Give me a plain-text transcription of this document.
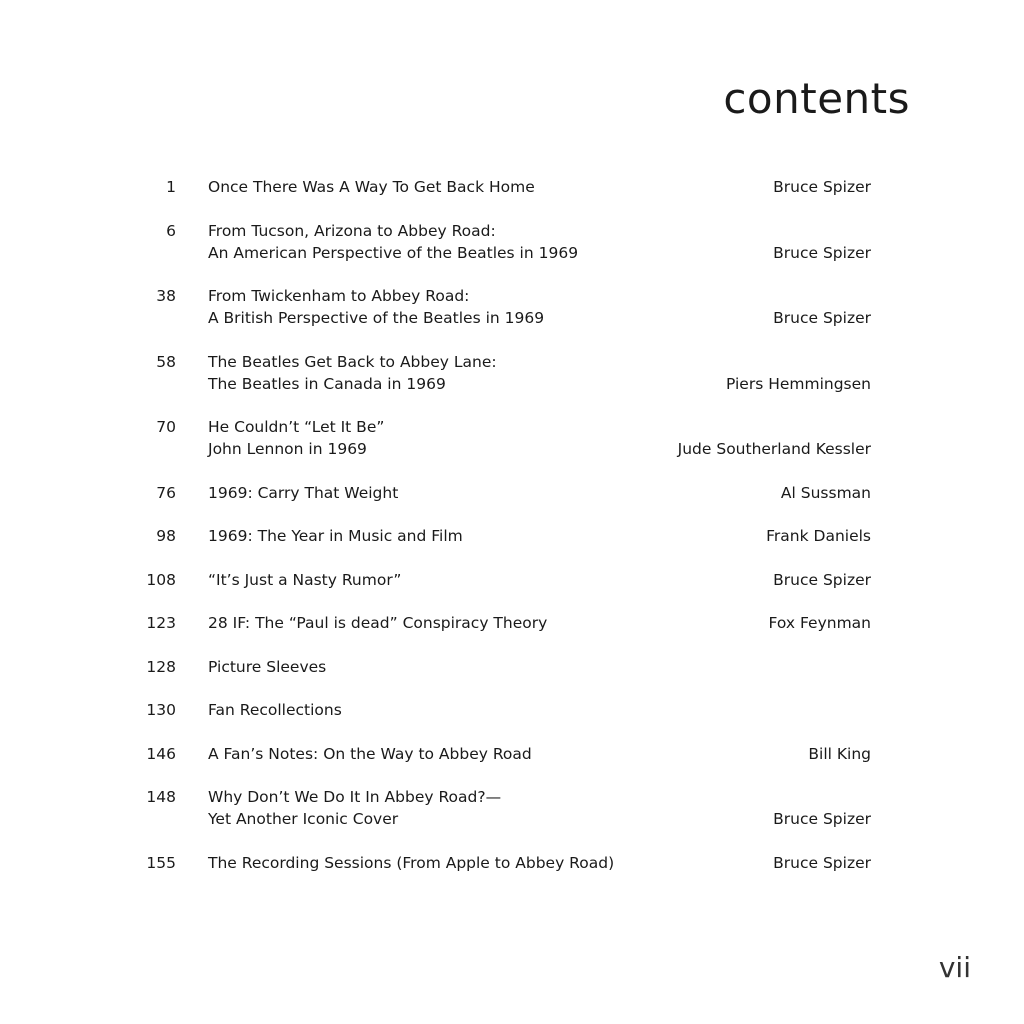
contents
1 Once There Was A Way To Get Back Home	Bruce Spizer
6 From Tucson, Arizona to Abbey Road:
An American Perspective of the Beatles in 1969	Bruce Spizer
38 From Twickenham to Abbey Road:
A British Perspective of the Beatles in 1969	Bruce Spizer
58 The Beatles Get Back to Abbey Lane:
The Beatles in Canada in 1969	Piers Hemmingsen
70 He Couldn’t “Let It Be”
John Lennon in 1969	Jude Southerland Kessler
76 1969: Carry That Weight	Al Sussman
98 1969: The Year in Music and Film	Frank Daniels
108 “It’s Just a Nasty Rumor”	Bruce Spizer
123 28 IF: The “Paul is dead” Conspiracy Theory	Fox Feynman
128 Picture Sleeves
130 Fan Recollections
146 A Fan’s Notes: On the Way to Abbey Road	Bill King
148 Why Don’t We Do It In Abbey Road?—
Yet Another Iconic Cover	Bruce Spizer
155 The Recording Sessions (From Apple to Abbey Road)	Bruce Spizer
vii
